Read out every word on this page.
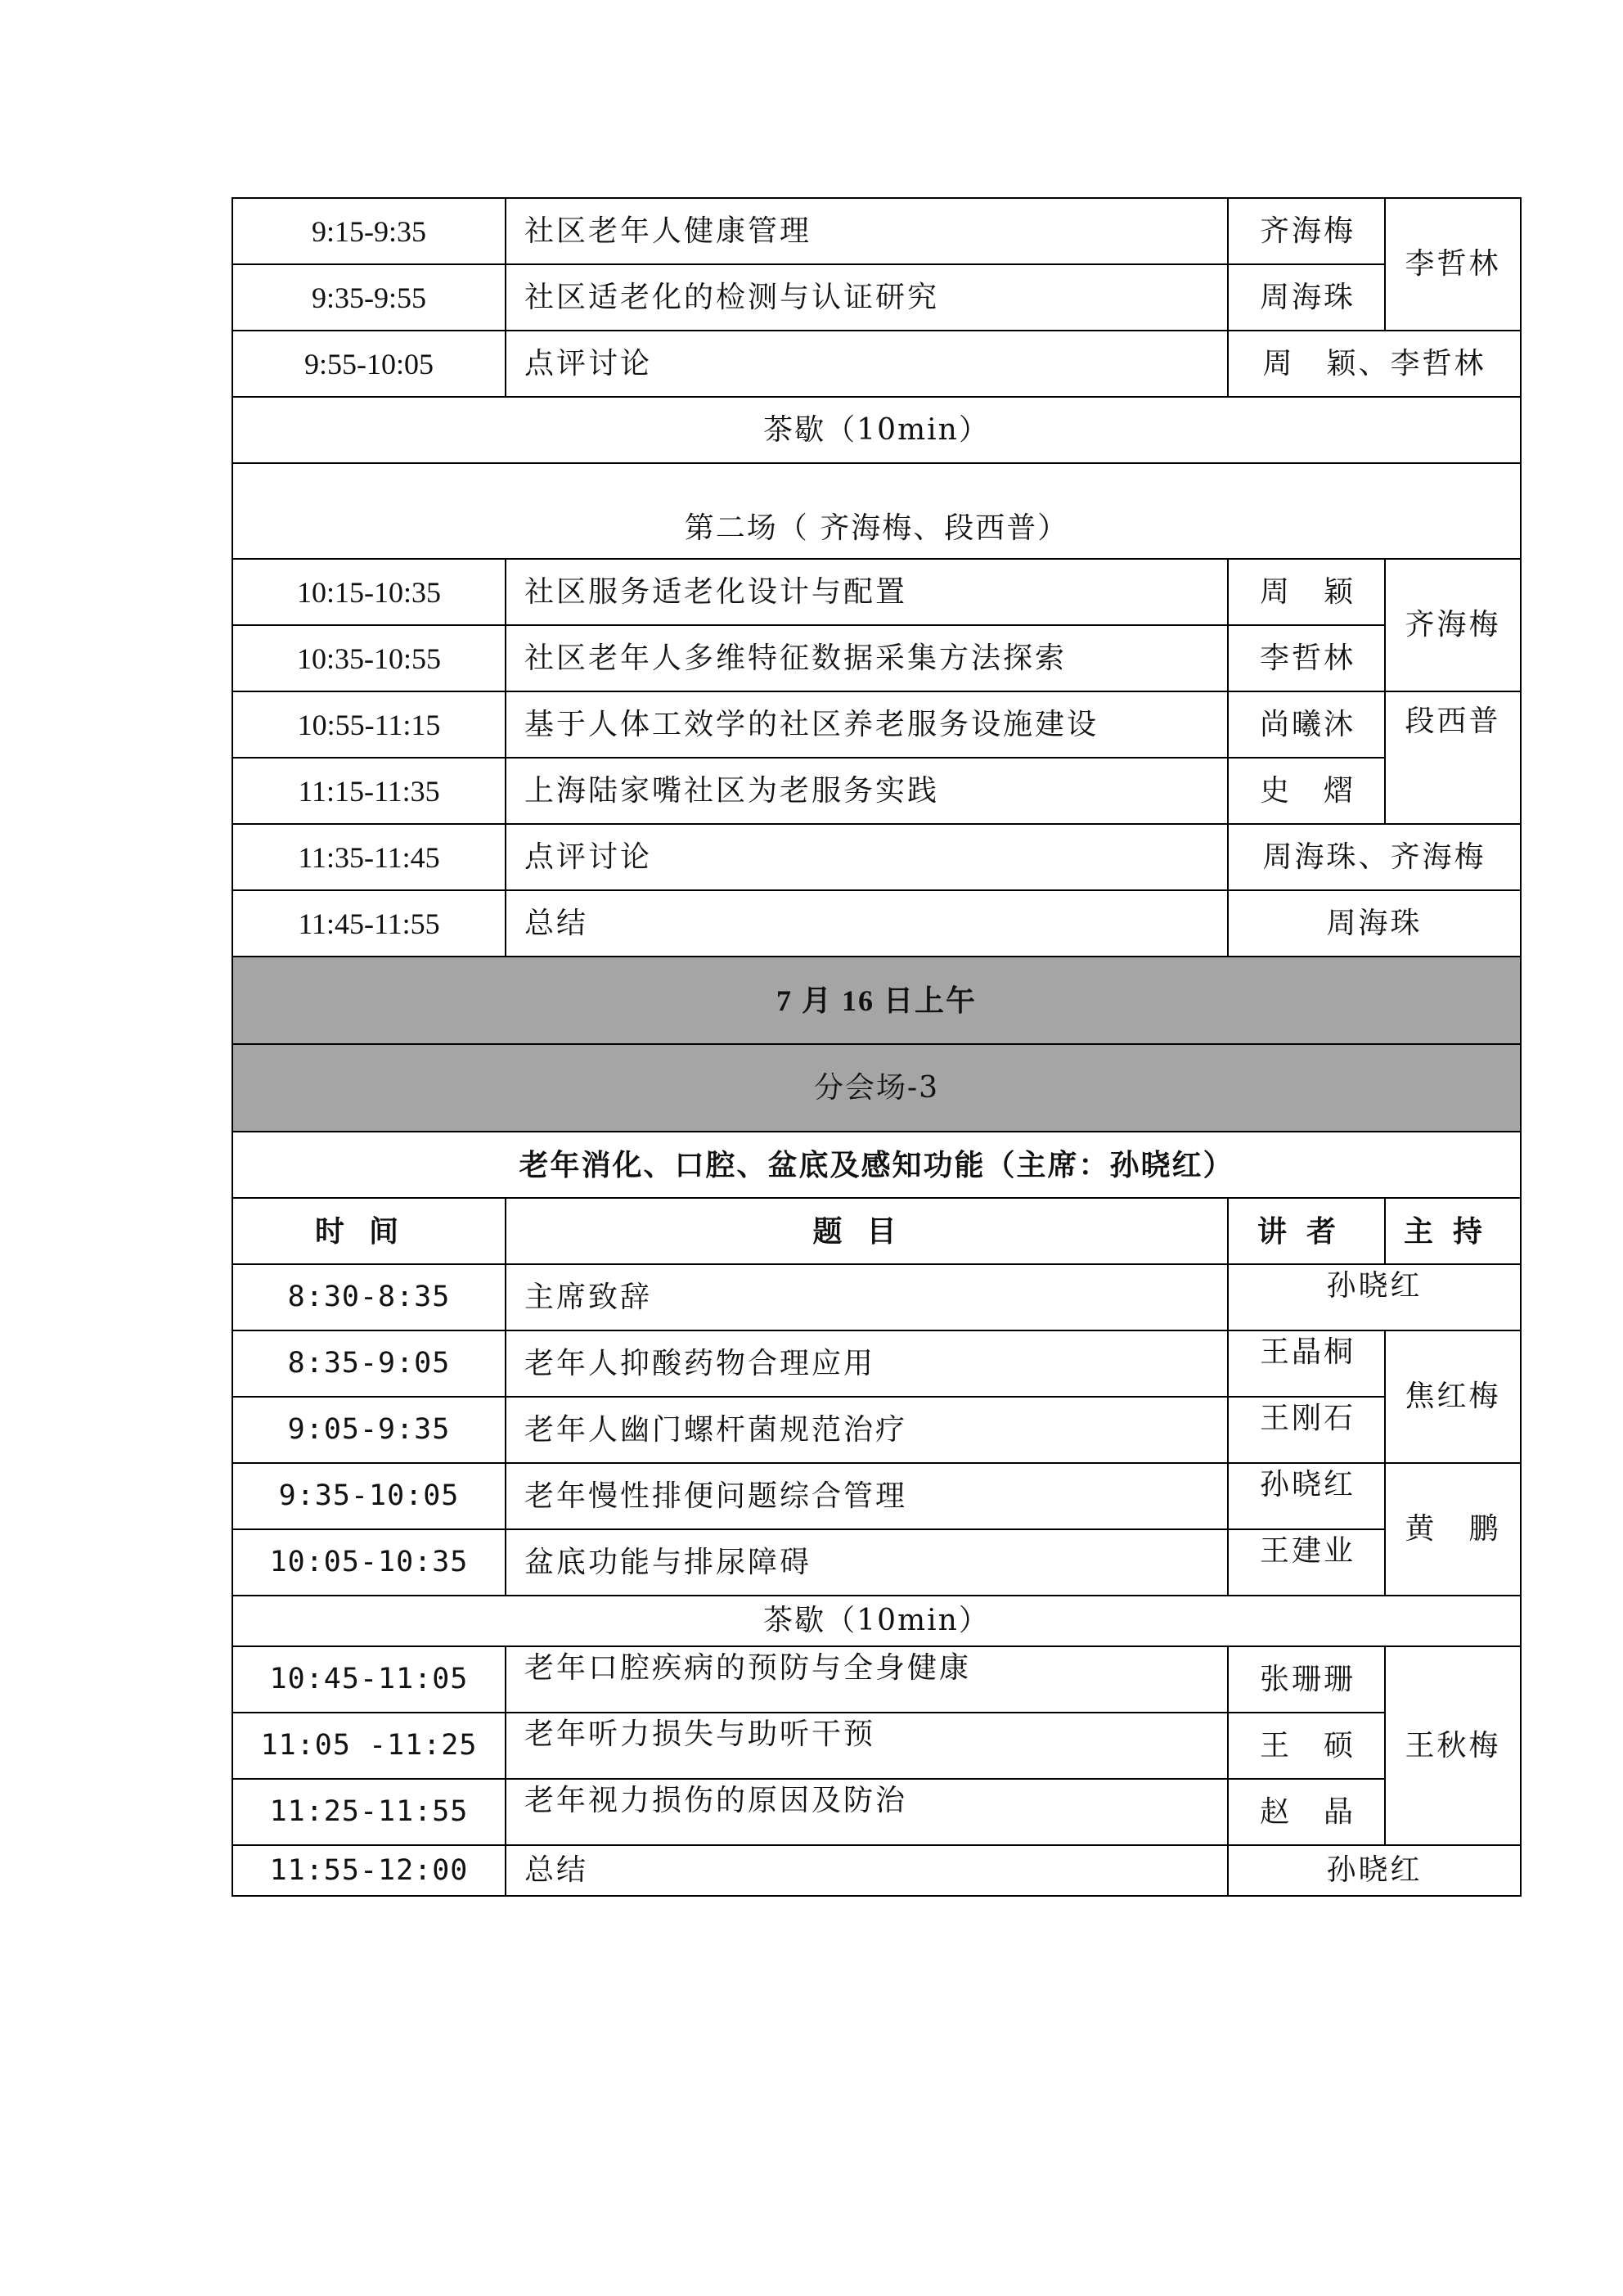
9:15-9:35	社区老年人健康管理	齐海梅	李哲林
9:35-9:55	社区适老化的检测与认证研究	周海珠	
9:55-10:05	点评讨论	周　颖、李哲林	
茶歇（10min）			
第二场（ 齐海梅、段西普）			
10:15-10:35	社区服务适老化设计与配置	周　颖	齐海梅
10:35-10:55	社区老年人多维特征数据采集方法探索	李哲林	
10:55-11:15	基于人体工效学的社区养老服务设施建设	尚曦沐	段西普
11:15-11:35	上海陆家嘴社区为老服务实践	史　熠	
11:35-11:45	点评讨论	周海珠、齐海梅	
11:45-11:55	总结	周海珠	
7 月 16 日上午			
分会场-3			
老年消化、口腔、盆底及感知功能（主席：孙晓红）			
时间	题目	讲者	主持
8:30-8:35	主席致辞	孙晓红	
8:35-9:05	老年人抑酸药物合理应用	王晶桐	焦红梅
9:05-9:35	老年人幽门螺杆菌规范治疗	王刚石	
9:35-10:05	老年慢性排便问题综合管理	孙晓红	黄　鹏
10:05-10:35	盆底功能与排尿障碍	王建业	
茶歇（10min）			
10:45-11:05	老年口腔疾病的预防与全身健康	张珊珊	王秋梅
11:05 -11:25	老年听力损失与助听干预	王　硕	
11:25-11:55	老年视力损伤的原因及防治	赵　晶	
11:55-12:00	总结	孙晓红	
